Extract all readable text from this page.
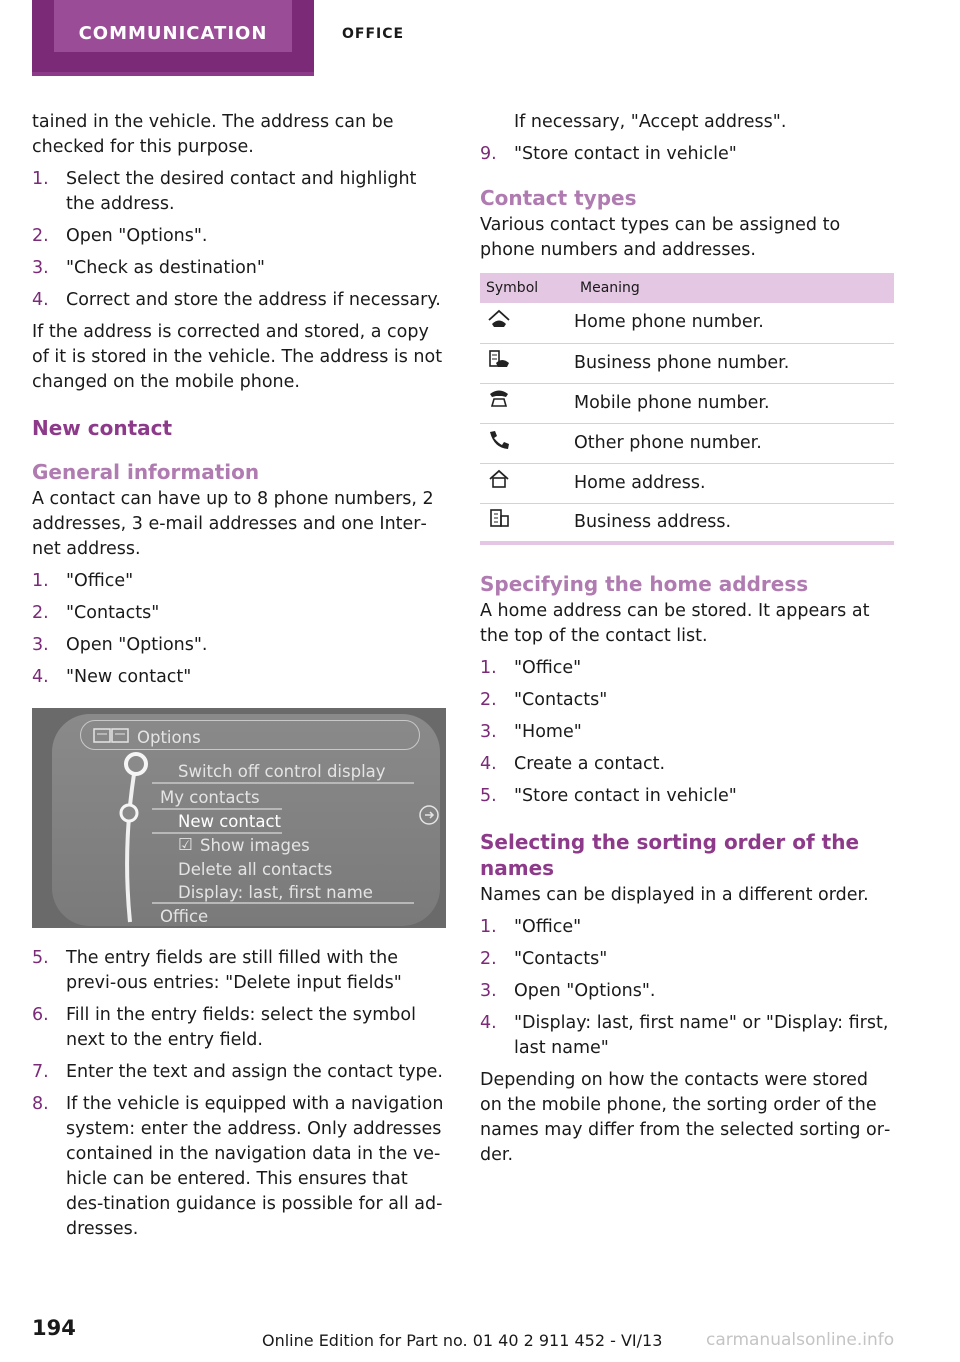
COMMUNICATION	OFFICE

tained in the vehicle. The address can be checked for this purpose.

1. Select the desired contact and highlight the address.
2. Open "Options".
3. "Check as destination"
4. Correct and store the address if necessary.

If the address is corrected and stored, a copy of it is stored in the vehicle. The address is not changed on the mobile phone.

New contact
General information

A contact can have up to 8 phone numbers, 2 addresses, 3 e-mail addresses and one Inter‐net address.

1. "Office"
2. "Contacts"
3. Open "Options".
4. "New contact"
Options
Switch off control display
My contacts
New contact
☑ Show images
Delete all contacts
Display: last, first name
Office
5. The entry fields are still filled with the previ‐ous entries: "Delete input fields"
6. Fill in the entry fields: select the symbol next to the entry field.
7. Enter the text and assign the contact type.
8. If the vehicle is equipped with a navigation system: enter the address. Only addresses contained in the navigation data in the ve‐hicle can be entered. This ensures that des‐tination guidance is possible for all ad‐dresses.

If necessary, "Accept address".

9. "Store contact in vehicle"
Contact types

Various contact types can be assigned to phone numbers and addresses.

Symbol	Meaning
	Home phone number.
	Business phone number.
	Mobile phone number.
	Other phone number.
	Home address.
	Business address.
Specifying the home address

A home address can be stored. It appears at the top of the contact list.

1. "Office"
2. "Contacts"
3. "Home"
4. Create a contact.
5. "Store contact in vehicle"
Selecting the sorting order of the names

Names can be displayed in a different order.

1. "Office"
2. "Contacts"
3. Open "Options".
4. "Display: last, first name" or "Display: first, last name"

Depending on how the contacts were stored on the mobile phone, the sorting order of the names may differ from the selected sorting or‐der.

194
Online Edition for Part no. 01 40 2 911 452 - VI/13	carmanualsonline.info
